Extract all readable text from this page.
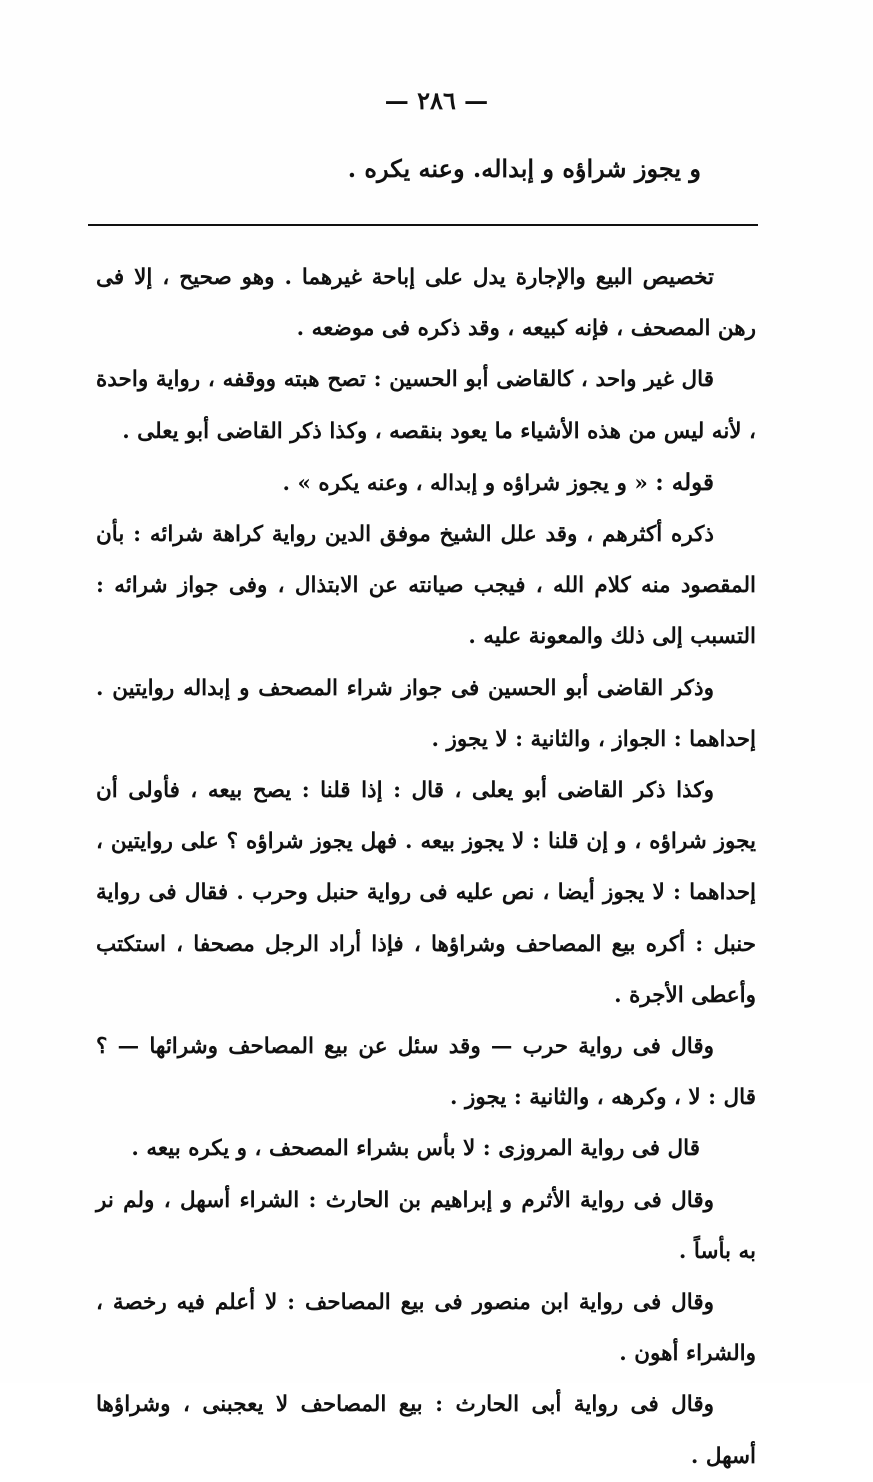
— ٢٨٦ —
و يجوز شراؤه و إبداله. وعنه يكره .

تخصيص البيع والإجارة يدل على إباحة غيرهما . وهو صحيح ، إلا فى رهن المصحف ، فإنه كبيعه ، وقد ذكره فى موضعه .

قال غير واحد ، كالقاضى أبو الحسين : تصح هبته ووقفه ، رواية واحدة ، لأنه ليس من هذه الأشياء ما يعود بنقصه ، وكذا ذكر القاضى أبو يعلى .

قوله : « و يجوز شراؤه و إبداله ، وعنه يكره » .

ذكره أكثرهم ، وقد علل الشيخ موفق الدين رواية كراهة شرائه : بأن المقصود منه كلام الله ، فيجب صيانته عن الابتذال ، وفى جواز شرائه : التسبب إلى ذلك والمعونة عليه .

وذكر القاضى أبو الحسين فى جواز شراء المصحف و إبداله روايتين . إحداهما : الجواز ، والثانية : لا يجوز .

وكذا ذكر القاضى أبو يعلى ، قال : إذا قلنا : يصح بيعه ، فأولى أن يجوز شراؤه ، و إن قلنا : لا يجوز بيعه . فهل يجوز شراؤه ؟ على روايتين ، إحداهما : لا يجوز أيضا ، نص عليه فى رواية حنبل وحرب . فقال فى رواية حنبل : أكره بيع المصاحف وشراؤها ، فإذا أراد الرجل مصحفا ، استكتب وأعطى الأجرة .

وقال فى رواية حرب — وقد سئل عن بيع المصاحف وشرائها — ؟ قال : لا ، وكرهه ، والثانية : يجوز .

قال فى رواية المروزى : لا بأس بشراء المصحف ، و يكره بيعه .

وقال فى رواية الأثرم و إبراهيم بن الحارث : الشراء أسهل ، ولم نر به بأساً .

وقال فى رواية ابن منصور فى بيع المصاحف : لا أعلم فيه رخصة ، والشراء أهون .

وقال فى رواية أبى الحارث : بيع المصاحف لا يعجبنى ، وشراؤها أسهل .
